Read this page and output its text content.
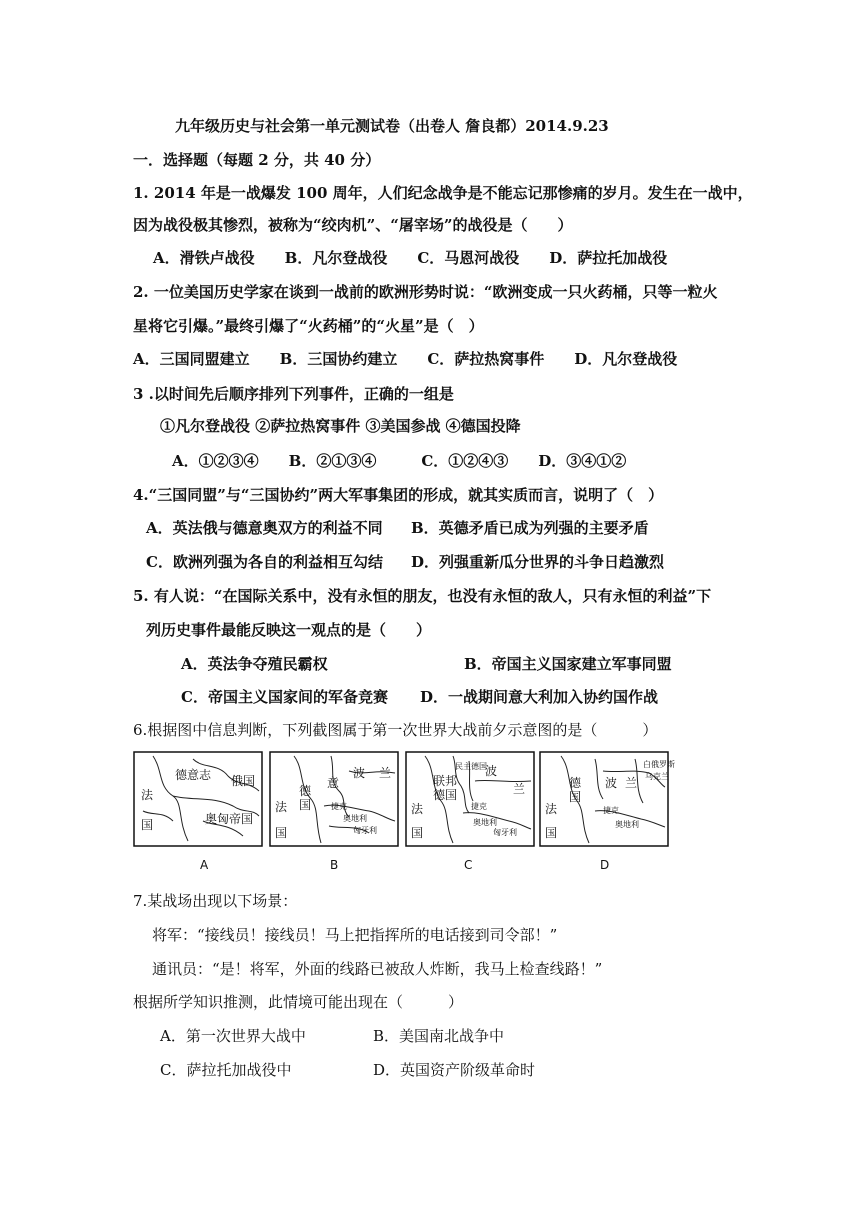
九年级历史与社会第一单元测试卷（出卷人 詹良都）2014.9.23
一．选择题（每题 2 分，共 40 分）
1. 2014 年是一战爆发 100 周年，人们纪念战争是不能忘记那惨痛的岁月。发生在一战中，
因为战役极其惨烈，被称为“绞肉机”、“屠宰场”的战役是（　　）
A．滑铁卢战役　　B．凡尔登战役　　C．马恩河战役　　D．萨拉托加战役
2. 一位美国历史学家在谈到一战前的欧洲形势时说：“欧洲变成一只火药桶，只等一粒火
星将它引爆。”最终引爆了“火药桶”的“火星”是（　）
A．三国同盟建立　　B．三国协约建立　　C．萨拉热窝事件　　D．凡尔登战役
3 .以时间先后顺序排列下列事件，正确的一组是
①凡尔登战役 ②萨拉热窝事件 ③美国参战 ④德国投降
A．①②③④　　B．②①③④　　　C．①②④③　　D．③④①②
4.“三国同盟”与“三国协约”两大军事集团的形成，就其实质而言，说明了（　）
A．英法俄与德意奥双方的利益不同 B．英德矛盾已成为列强的主要矛盾
C．欧洲列强为各自的利益相互勾结 D．列强重新瓜分世界的斗争日趋激烈
5. 有人说：“在国际关系中，没有永恒的朋友，也没有永恒的敌人，只有永恒的利益”下
列历史事件最能反映这一观点的是（　　）
A．英法争夺殖民霸权	B．帝国主义国家建立军事同盟
C．帝国主义国家间的军备竞赛 D．一战期间意大利加入协约国作战
6.根据图中信息判断，下列截图属于第一次世界大战前夕示意图的是（　　　）
德意志 俄国
法
国	奥匈帝国
德
国
意
波 兰
法
国
捷克
奥地利
匈牙利
联邦
德国
波
兰
法
国
民主德国
捷克
奥地利
匈牙利
德
国
波 兰
法
国
捷克
白俄罗斯
乌克兰
奥地利
A	B	C	D
7.某战场出现以下场景：
将军：“接线员！接线员！马上把指挥所的电话接到司令部！”
通讯员：“是！将军，外面的线路已被敌人炸断，我马上检查线路！”
根据所学知识推测，此情境可能出现在（　　　）
A．第一次世界大战中	B．美国南北战争中
C．萨拉托加战役中	D．英国资产阶级革命时
